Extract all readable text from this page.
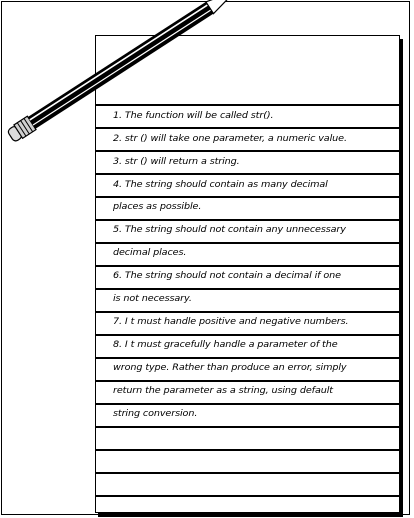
1. The function will be called str().
2. str () will take one parameter, a numeric value.
3. str () will return a string.
4. The string should contain as many decimal
places as possible.
5. The string should not contain any unnecessary
decimal places.
6. The string should not contain a decimal if one
is not necessary.
7. I t must handle positive and negative numbers.
8. I t must gracefully handle a parameter of the
wrong type. Rather than produce an error, simply
return the parameter as a string, using default
string conversion.
